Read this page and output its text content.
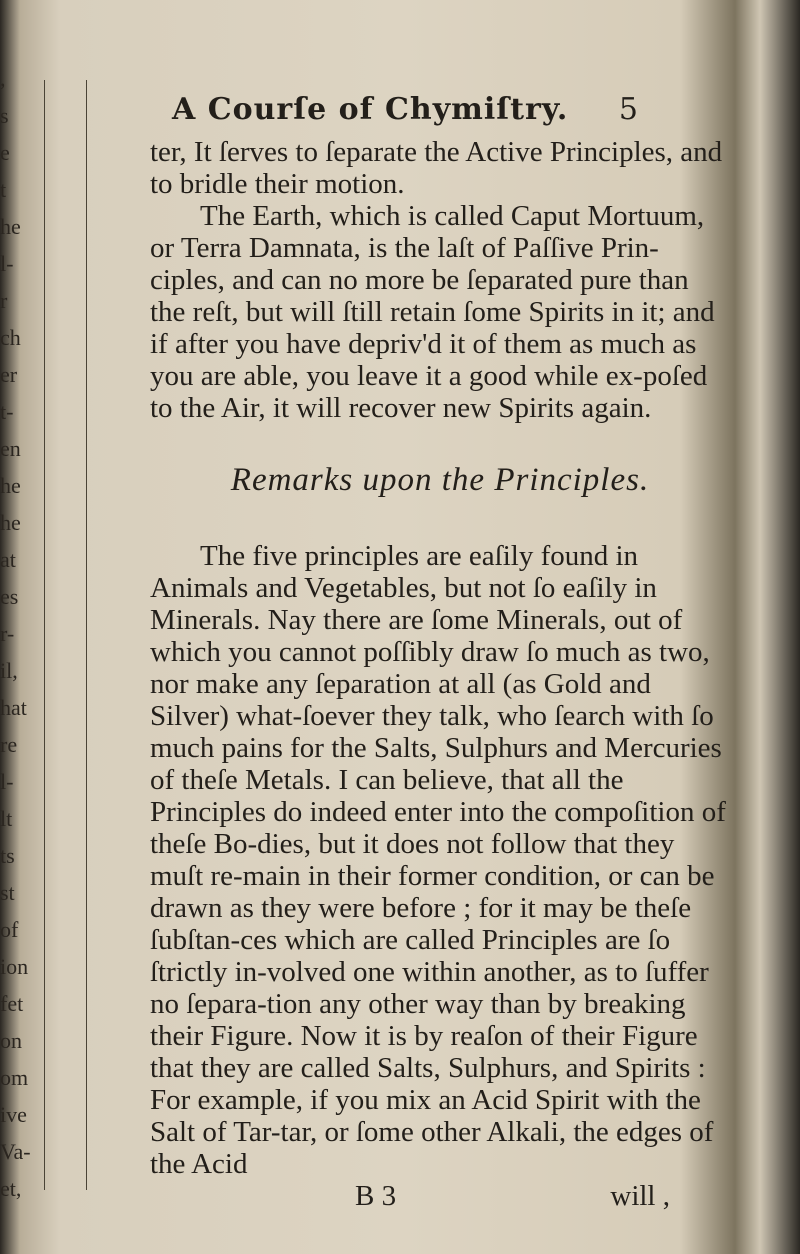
,
s
e
t
he
l-
r
ch
er
t-
en
he
he
at
es
r-
il,
hat
re
l-
lt
ts
st
of
ion
fet
on
om
ive
Va-
et,
A Courſe of Chymiſtry. 5

ter, It ſerves to ſeparate the Active Principles, and to bridle their motion.

The Earth, which is called Caput Mortuum, or Terra Damnata, is the laſt of Paſſive Prin-ciples, and can no more be ſeparated pure than the reſt, but will ſtill retain ſome Spirits in it; and if after you have depriv'd it of them as much as you are able, you leave it a good while ex-poſed to the Air, it will recover new Spirits again.

Remarks upon the Principles.

The five principles are eaſily found in Animals and Vegetables, but not ſo eaſily in Minerals. Nay there are ſome Minerals, out of which you cannot poſſibly draw ſo much as two, nor make any ſeparation at all (as Gold and Silver) what-ſoever they talk, who ſearch with ſo much pains for the Salts, Sulphurs and Mercuries of theſe Metals. I can believe, that all the Principles do indeed enter into the compoſition of theſe Bo-dies, but it does not follow that they muſt re-main in their former condition, or can be drawn as they were before ; for it may be theſe ſubſtan-ces which are called Principles are ſo ſtrictly in-volved one within another, as to ſuffer no ſepara-tion any other way than by breaking their Figure. Now it is by reaſon of their Figure that they are called Salts, Sulphurs, and Spirits : For example, if you mix an Acid Spirit with the Salt of Tar-tar, or ſome other Alkali, the edges of the Acid

B 3	will ,
